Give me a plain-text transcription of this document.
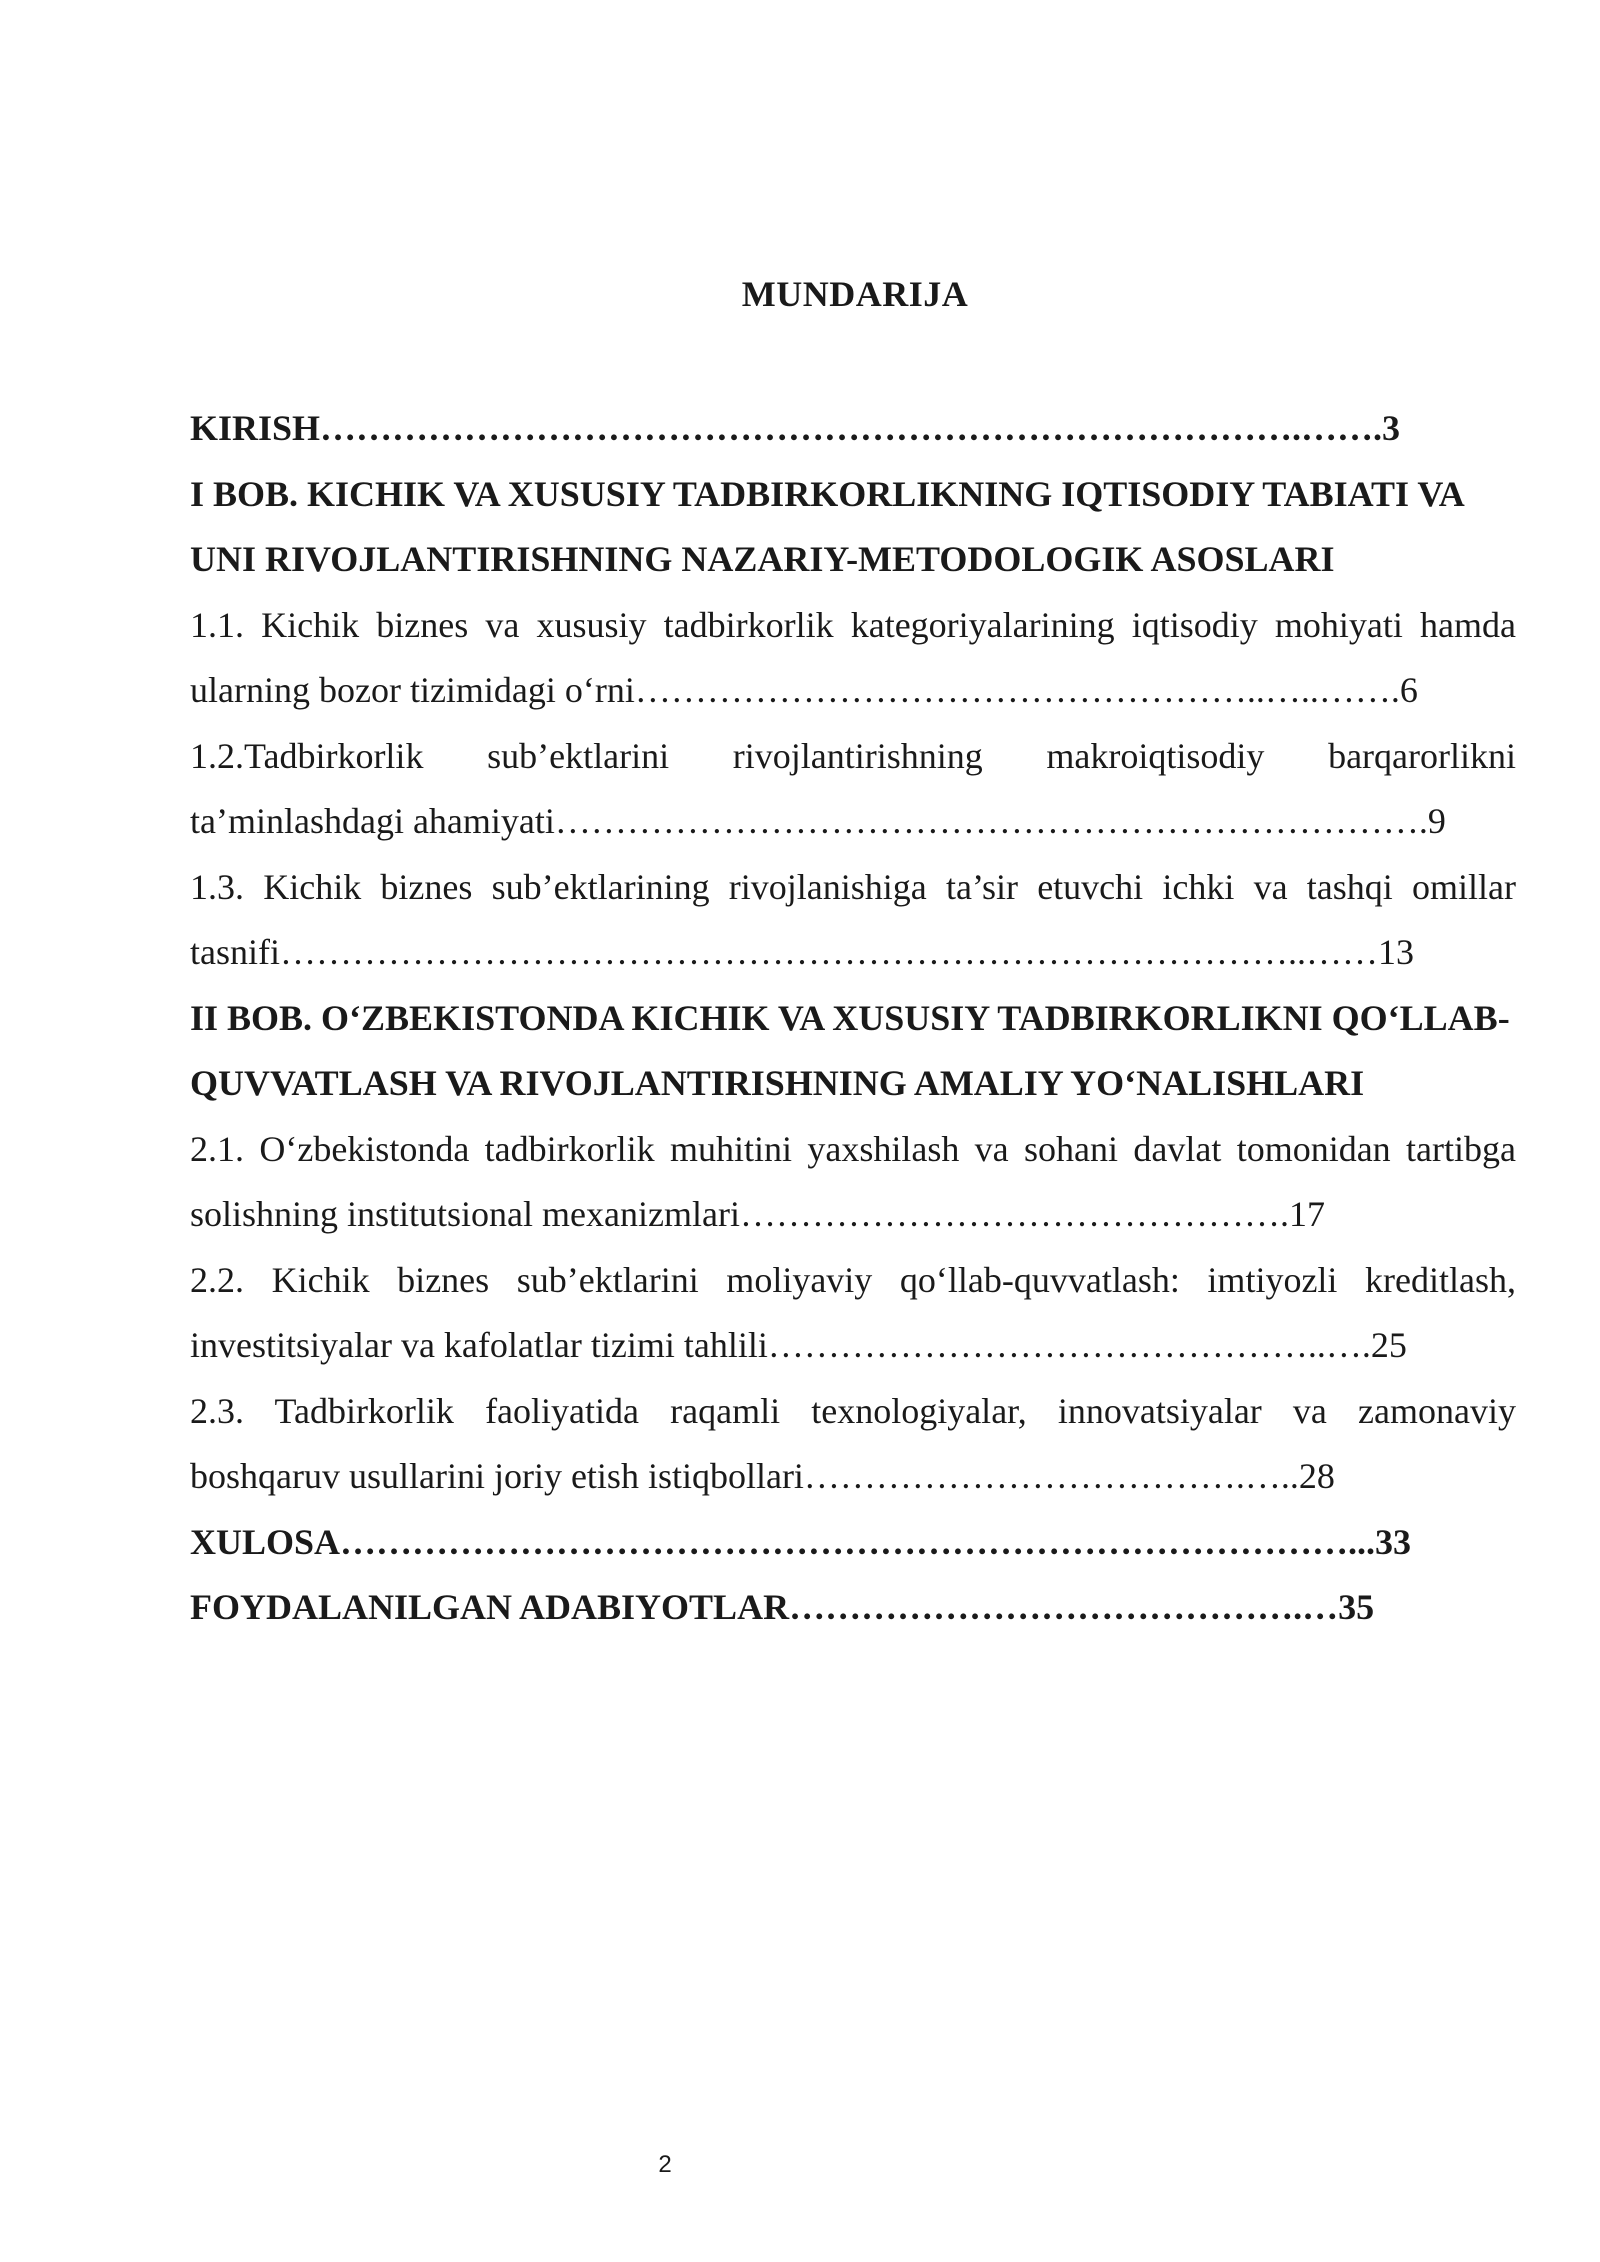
MUNDARIJA

KIRISH……………………………………………………………………….…….3

I BOB. KICHIK VA XUSUSIY TADBIRKORLIKNING IQTISODIY TABIATI VA UNI RIVOJLANTIRISHNING NAZARIY-METODOLOGIK ASOSLARI

1.1. Kichik biznes va xususiy tadbirkorlik kategoriyalarining iqtisodiy mohiyati hamda ularning bozor tizimidagi o‘rni……………………………………………..…..…….6

1.2.Tadbirkorlik sub’ektlarini rivojlantirishning makroiqtisodiy barqarorlikni ta’minlashdagi ahamiyati……………………………………………………………….9

1.3. Kichik biznes sub’ektlarining rivojlanishiga ta’sir etuvchi ichki va tashqi omillar tasnifi…………………………………………………………………………..……13

II BOB. O‘ZBEKISTONDA KICHIK VA XUSUSIY TADBIRKORLIKNI QO‘LLAB-QUVVATLASH VA RIVOJLANTIRISHNING AMALIY YO‘NALISHLARI

2.1. O‘zbekistonda tadbirkorlik muhitini yaxshilash va sohani davlat tomonidan tartibga solishning institutsional mexanizmlari……………………………………….17

2.2. Kichik biznes sub’ektlarini moliyaviy qo‘llab-quvvatlash: imtiyozli kreditlash, investitsiyalar va kafolatlar tizimi tahlili………………………………………..….25

2.3. Tadbirkorlik faoliyatida raqamli texnologiyalar, innovatsiyalar va zamonaviy boshqaruv usullarini joriy etish istiqbollari……………………………….…..28

XULOSA…………………………………………………………………………...33

FOYDALANILGAN ADABIYOTLAR…………………………………….…35

2
